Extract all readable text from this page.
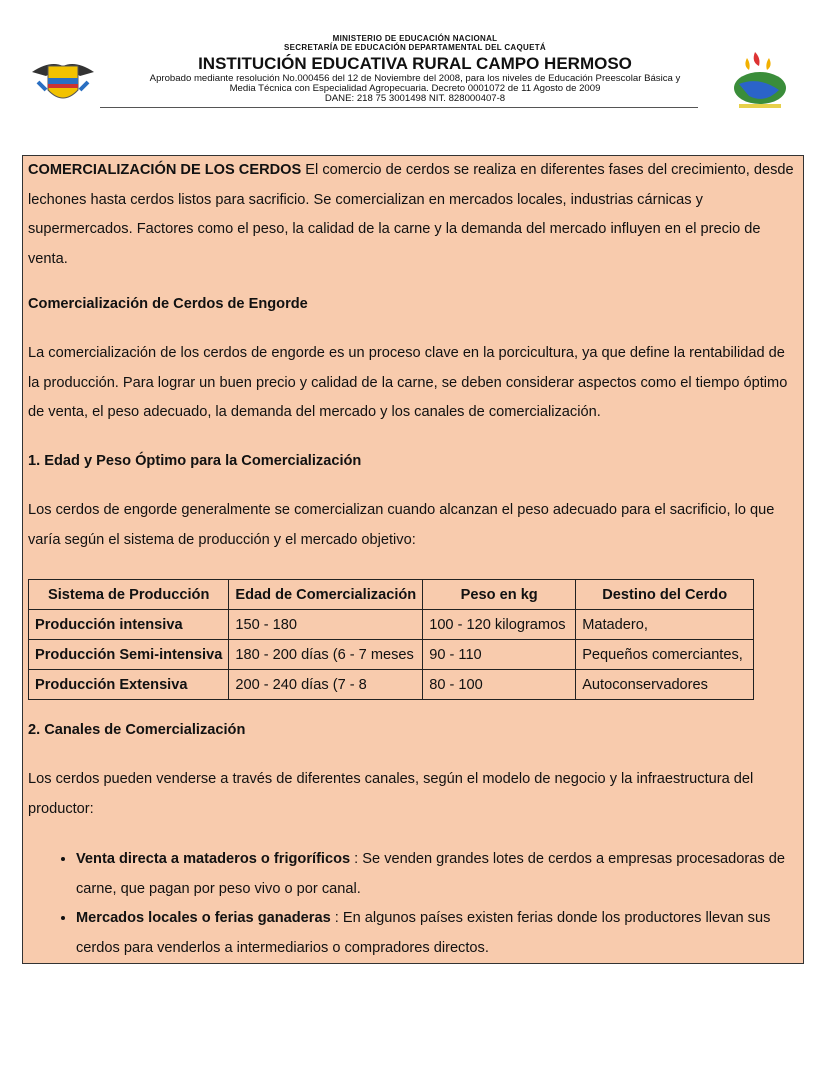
MINISTERIO DE EDUCACIÓN NACIONAL
SECRETARÍA DE EDUCACIÓN DEPARTAMENTAL DEL CAQUETÁ
INSTITUCIÓN EDUCATIVA RURAL CAMPO HERMOSO
Aprobado mediante resolución No.000456 del 12 de Noviembre del 2008, para los niveles de Educación Preescolar Básica y
Media Técnica con Especialidad Agropecuaria. Decreto 0001072 de 11 Agosto de 2009
DANE: 218 75 3001498 NIT. 828000407-8

COMERCIALIZACIÓN DE LOS CERDOS El comercio de cerdos se realiza en diferentes fases del crecimiento, desde lechones hasta cerdos listos para sacrificio. Se comercializan en mercados locales, industrias cárnicas y supermercados. Factores como el peso, la calidad de la carne y la demanda del mercado influyen en el precio de venta.

Comercialización de Cerdos de Engorde

La comercialización de los cerdos de engorde es un proceso clave en la porcicultura, ya que define la rentabilidad de la producción. Para lograr un buen precio y calidad de la carne, se deben considerar aspectos como el tiempo óptimo de venta, el peso adecuado, la demanda del mercado y los canales de comercialización.

1. Edad y Peso Óptimo para la Comercialización

Los cerdos de engorde generalmente se comercializan cuando alcanzan el peso adecuado para el sacrificio, lo que varía según el sistema de producción y el mercado objetivo:

Sistema de Producción	Edad de Comercialización	Peso en kg	Destino del Cerdo
Producción intensiva	150 - 180	100 - 120 kilogramos	Matadero,
Producción Semi-intensiva	180 - 200 días (6 - 7 meses	90 - 110	Pequeños comerciantes,
Producción Extensiva	200 - 240 días (7 - 8	80 - 100	Autoconservadores

2. Canales de Comercialización

Los cerdos pueden venderse a través de diferentes canales, según el modelo de negocio y la infraestructura del productor:

• Venta directa a mataderos o frigoríficos : Se venden grandes lotes de cerdos a empresas procesadoras de carne, que pagan por peso vivo o por canal.
• Mercados locales o ferias ganaderas : En algunos países existen ferias donde los productores llevan sus cerdos para venderlos a intermediarios o compradores directos.
